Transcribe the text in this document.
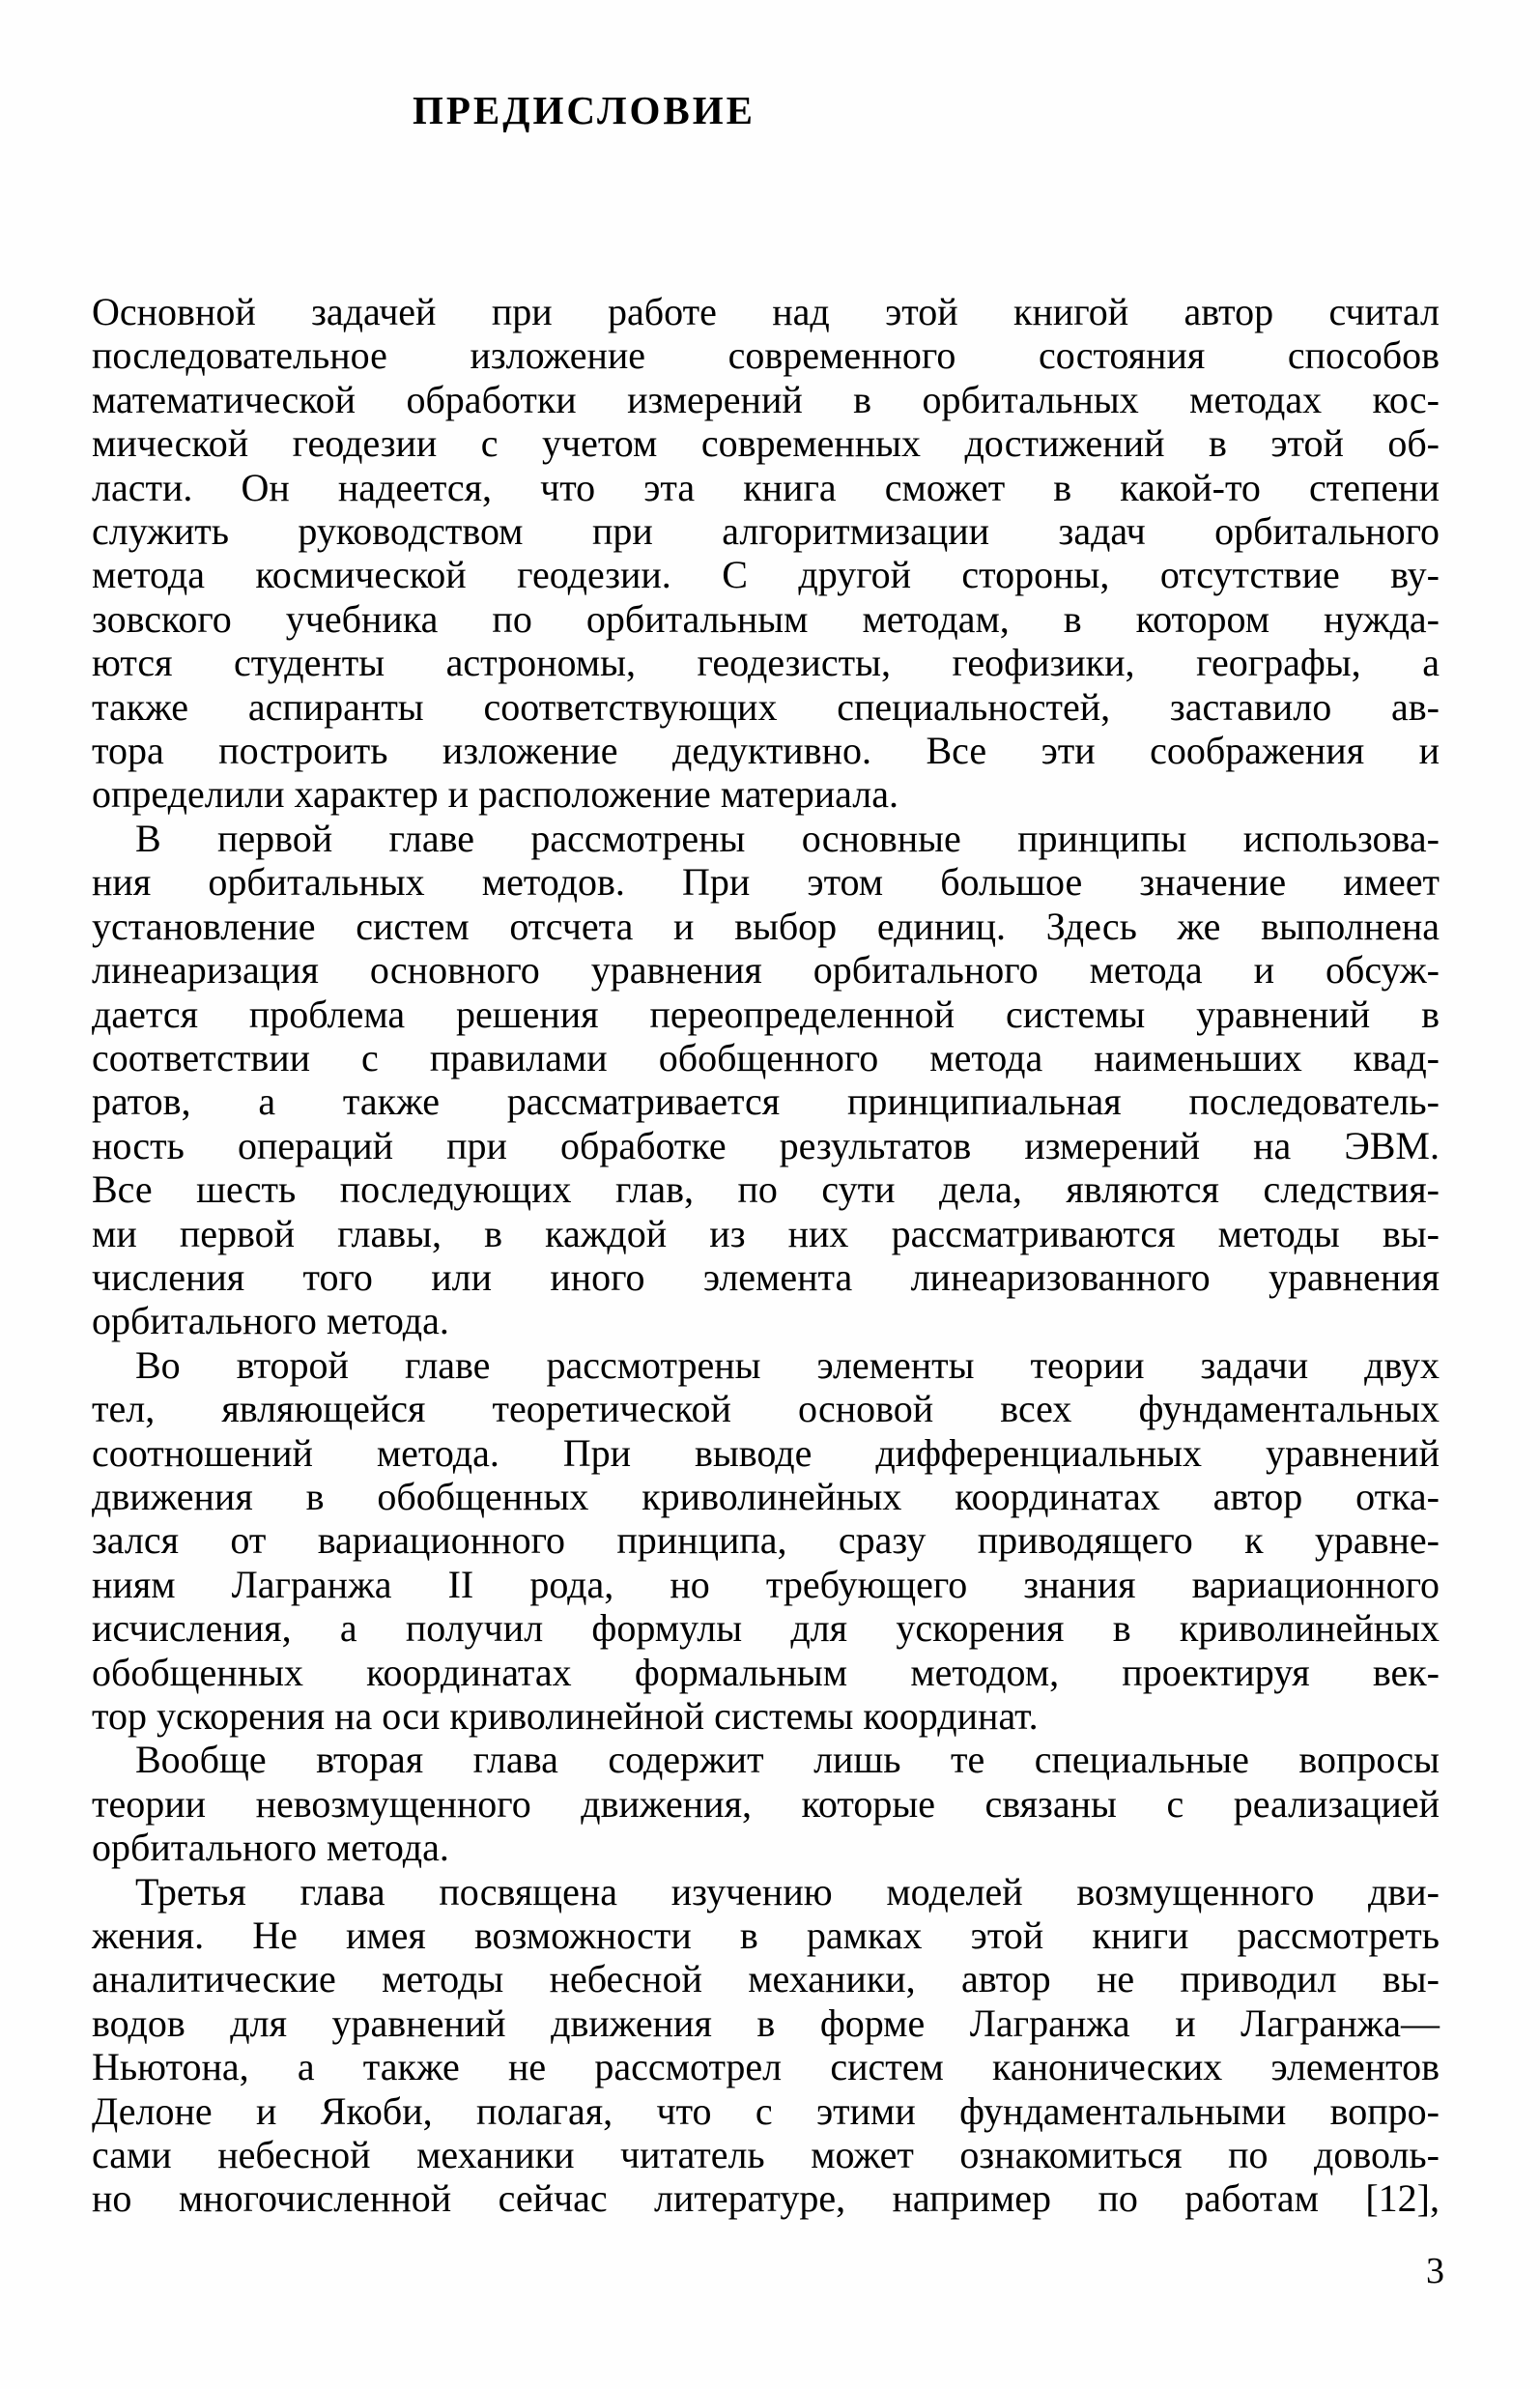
ПРЕДИСЛОВИЕ

Основной задачей при работе над этой книгой автор считал
последовательное изложение современного состояния способов
математической обработки измерений в орбитальных методах кос-
мической геодезии с учетом современных достижений в этой об-
ласти. Он надеется, что эта книга сможет в какой-то степени
служить руководством при алгоритмизации задач орбитального
метода космической геодезии. С другой стороны, отсутствие ву-
зовского учебника по орбитальным методам, в котором нужда-
ются студенты астрономы, геодезисты, геофизики, географы, а
также аспиранты соответствующих специальностей, заставило ав-
тора построить изложение дедуктивно. Все эти соображения и
определили характер и расположение материала.

В первой главе рассмотрены основные принципы использова-
ния орбитальных методов. При этом большое значение имеет
установление систем отсчета и выбор единиц. Здесь же выполнена
линеаризация основного уравнения орбитального метода и обсуж-
дается проблема решения переопределенной системы уравнений в
соответствии с правилами обобщенного метода наименьших квад-
ратов, а также рассматривается принципиальная последователь-
ность операций при обработке результатов измерений на ЭВМ.
Все шесть последующих глав, по сути дела, являются следствия-
ми первой главы, в каждой из них рассматриваются методы вы-
числения того или иного элемента линеаризованного уравнения
орбитального метода.

Во второй главе рассмотрены элементы теории задачи двух
тел, являющейся теоретической основой всех фундаментальных
соотношений метода. При выводе дифференциальных уравнений
движения в обобщенных криволинейных координатах автор отка-
зался от вариационного принципа, сразу приводящего к уравне-
ниям Лагранжа II рода, но требующего знания вариационного
исчисления, а получил формулы для ускорения в криволинейных
обобщенных координатах формальным методом, проектируя век-
тор ускорения на оси криволинейной системы координат.

Вообще вторая глава содержит лишь те специальные вопросы
теории невозмущенного движения, которые связаны с реализацией
орбитального метода.

Третья глава посвящена изучению моделей возмущенного дви-
жения. Не имея возможности в рамках этой книги рассмотреть
аналитические методы небесной механики, автор не приводил вы-
водов для уравнений движения в форме Лагранжа и Лагранжа—
Ньютона, а также не рассмотрел систем канонических элементов
Делоне и Якоби, полагая, что с этими фундаментальными вопро-
сами небесной механики читатель может ознакомиться по доволь-
но многочисленной сейчас литературе, например по работам [12],

3
